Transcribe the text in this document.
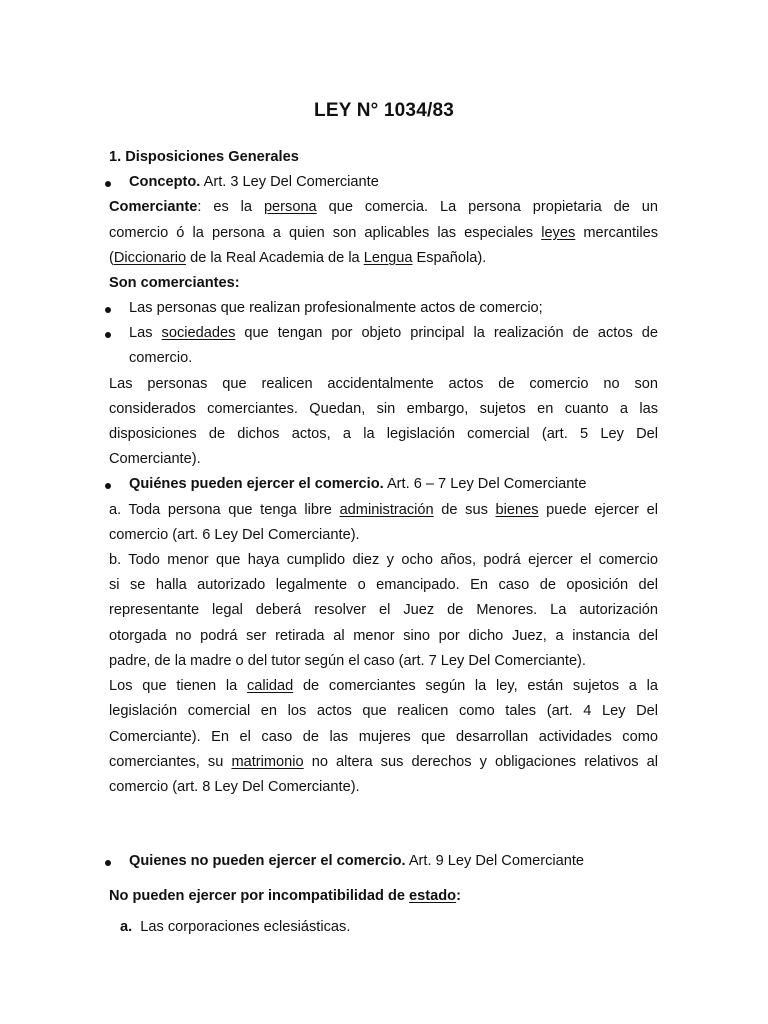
LEY N° 1034/83
1. Disposiciones Generales
Concepto. Art. 3 Ley Del Comerciante
Comerciante: es la persona que comercia. La persona propietaria de un
comercio ó la persona a quien son aplicables las especiales leyes mercantiles
(Diccionario de la Real Academia de la Lengua Española).
Son comerciantes:
Las personas que realizan profesionalmente actos de comercio;
Las sociedades que tengan por objeto principal la realización de actos de
comercio.
Las personas que realicen accidentalmente actos de comercio no son
considerados comerciantes. Quedan, sin embargo, sujetos en cuanto a las
disposiciones de dichos actos, a la legislación comercial (art. 5 Ley Del
Comerciante).
Quiénes pueden ejercer el comercio. Art. 6 – 7 Ley Del Comerciante
a. Toda persona que tenga libre administración de sus bienes puede ejercer el
comercio (art. 6 Ley Del Comerciante).
b. Todo menor que haya cumplido diez y ocho años, podrá ejercer el comercio
si se halla autorizado legalmente o emancipado. En caso de oposición del
representante legal deberá resolver el Juez de Menores. La autorización
otorgada no podrá ser retirada al menor sino por dicho Juez, a instancia del
padre, de la madre o del tutor según el caso (art. 7 Ley Del Comerciante).
Los que tienen la calidad de comerciantes según la ley, están sujetos a la
legislación comercial en los actos que realicen como tales (art. 4 Ley Del
Comerciante). En el caso de las mujeres que desarrollan actividades como
comerciantes, su matrimonio no altera sus derechos y obligaciones relativos al
comercio (art. 8 Ley Del Comerciante).
Quienes no pueden ejercer el comercio. Art. 9 Ley Del Comerciante
No pueden ejercer por incompatibilidad de estado:
a. Las corporaciones eclesiásticas.
